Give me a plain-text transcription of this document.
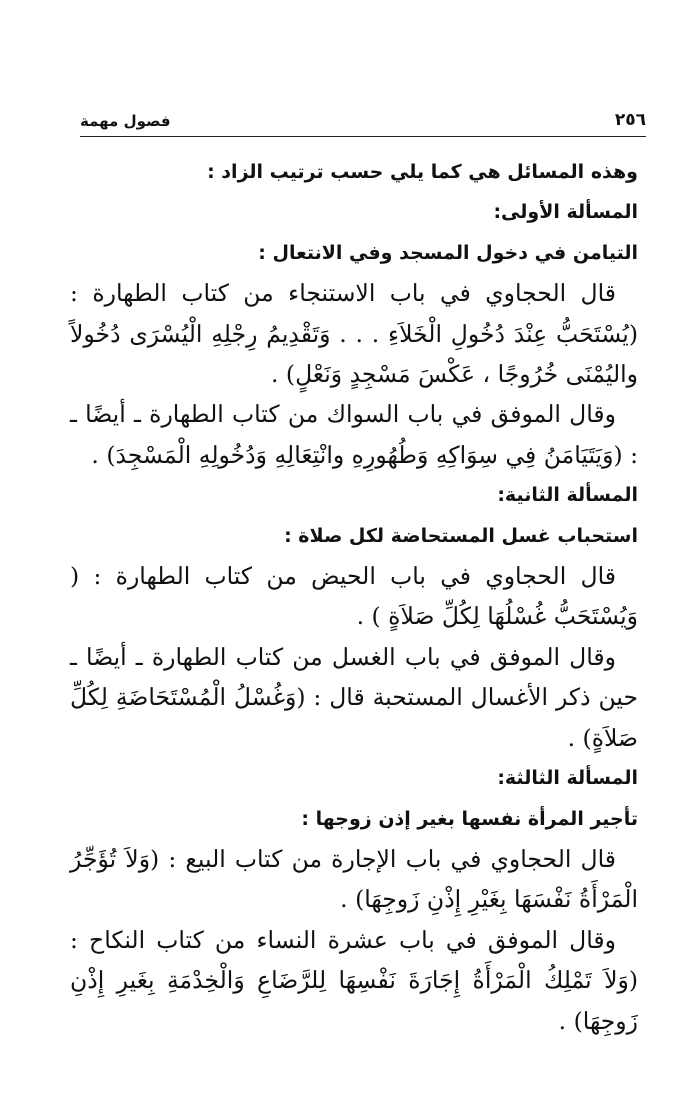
فصول مهمة	٢٥٦

وهذه المسائل هي كما يلي حسب ترتيب الزاد :

المسألة الأولى:

التيامن في دخول المسجد وفي الانتعال :

قال الحجاوي في باب الاستنجاء من كتاب الطهارة : (يُسْتَحَبُّ عِنْدَ دُخُولِ الْخَلاَءِ . . . وَتَقْدِيمُ رِجْلِهِ الْيُسْرَى دُخُولاً واليُمْنَى خُرُوجًا ، عَكْسَ مَسْجِدٍ وَنَعْلٍ) .

وقال الموفق في باب السواك من كتاب الطهارة ـ أيضًا ـ : (وَيَتَيَامَنُ فِي سِوَاكِهِ وَطُهُورِهِ وانْتِعَالِهِ وَدُخُولِهِ الْمَسْجِدَ) .

المسألة الثانية:

استحباب غسل المستحاضة لكل صلاة :

قال الحجاوي في باب الحيض من كتاب الطهارة : ( وَيُسْتَحَبُّ غُسْلُهَا لِكُلِّ صَلاَةٍ ) .

وقال الموفق في باب الغسل من كتاب الطهارة ـ أيضًا ـ حين ذكر الأغسال المستحبة قال : (وَغُسْلُ الْمُسْتَحَاضَةِ لِكُلِّ صَلاَةٍ) .

المسألة الثالثة:

تأجير المرأة نفسها بغير إذن زوجها :

قال الحجاوي في باب الإجارة من كتاب البيع : (وَلاَ تُؤَجِّرُ الْمَرْأَةُ نَفْسَهَا بِغَيْرِ إِذْنِ زَوجِهَا) .

وقال الموفق في باب عشرة النساء من كتاب النكاح : (وَلاَ تَمْلِكُ الْمَرْأَةُ إِجَارَةَ نَفْسِهَا لِلرَّضَاعِ وَالْخِدْمَةِ بِغَيرِ إِذْنِ زَوجِهَا) .
